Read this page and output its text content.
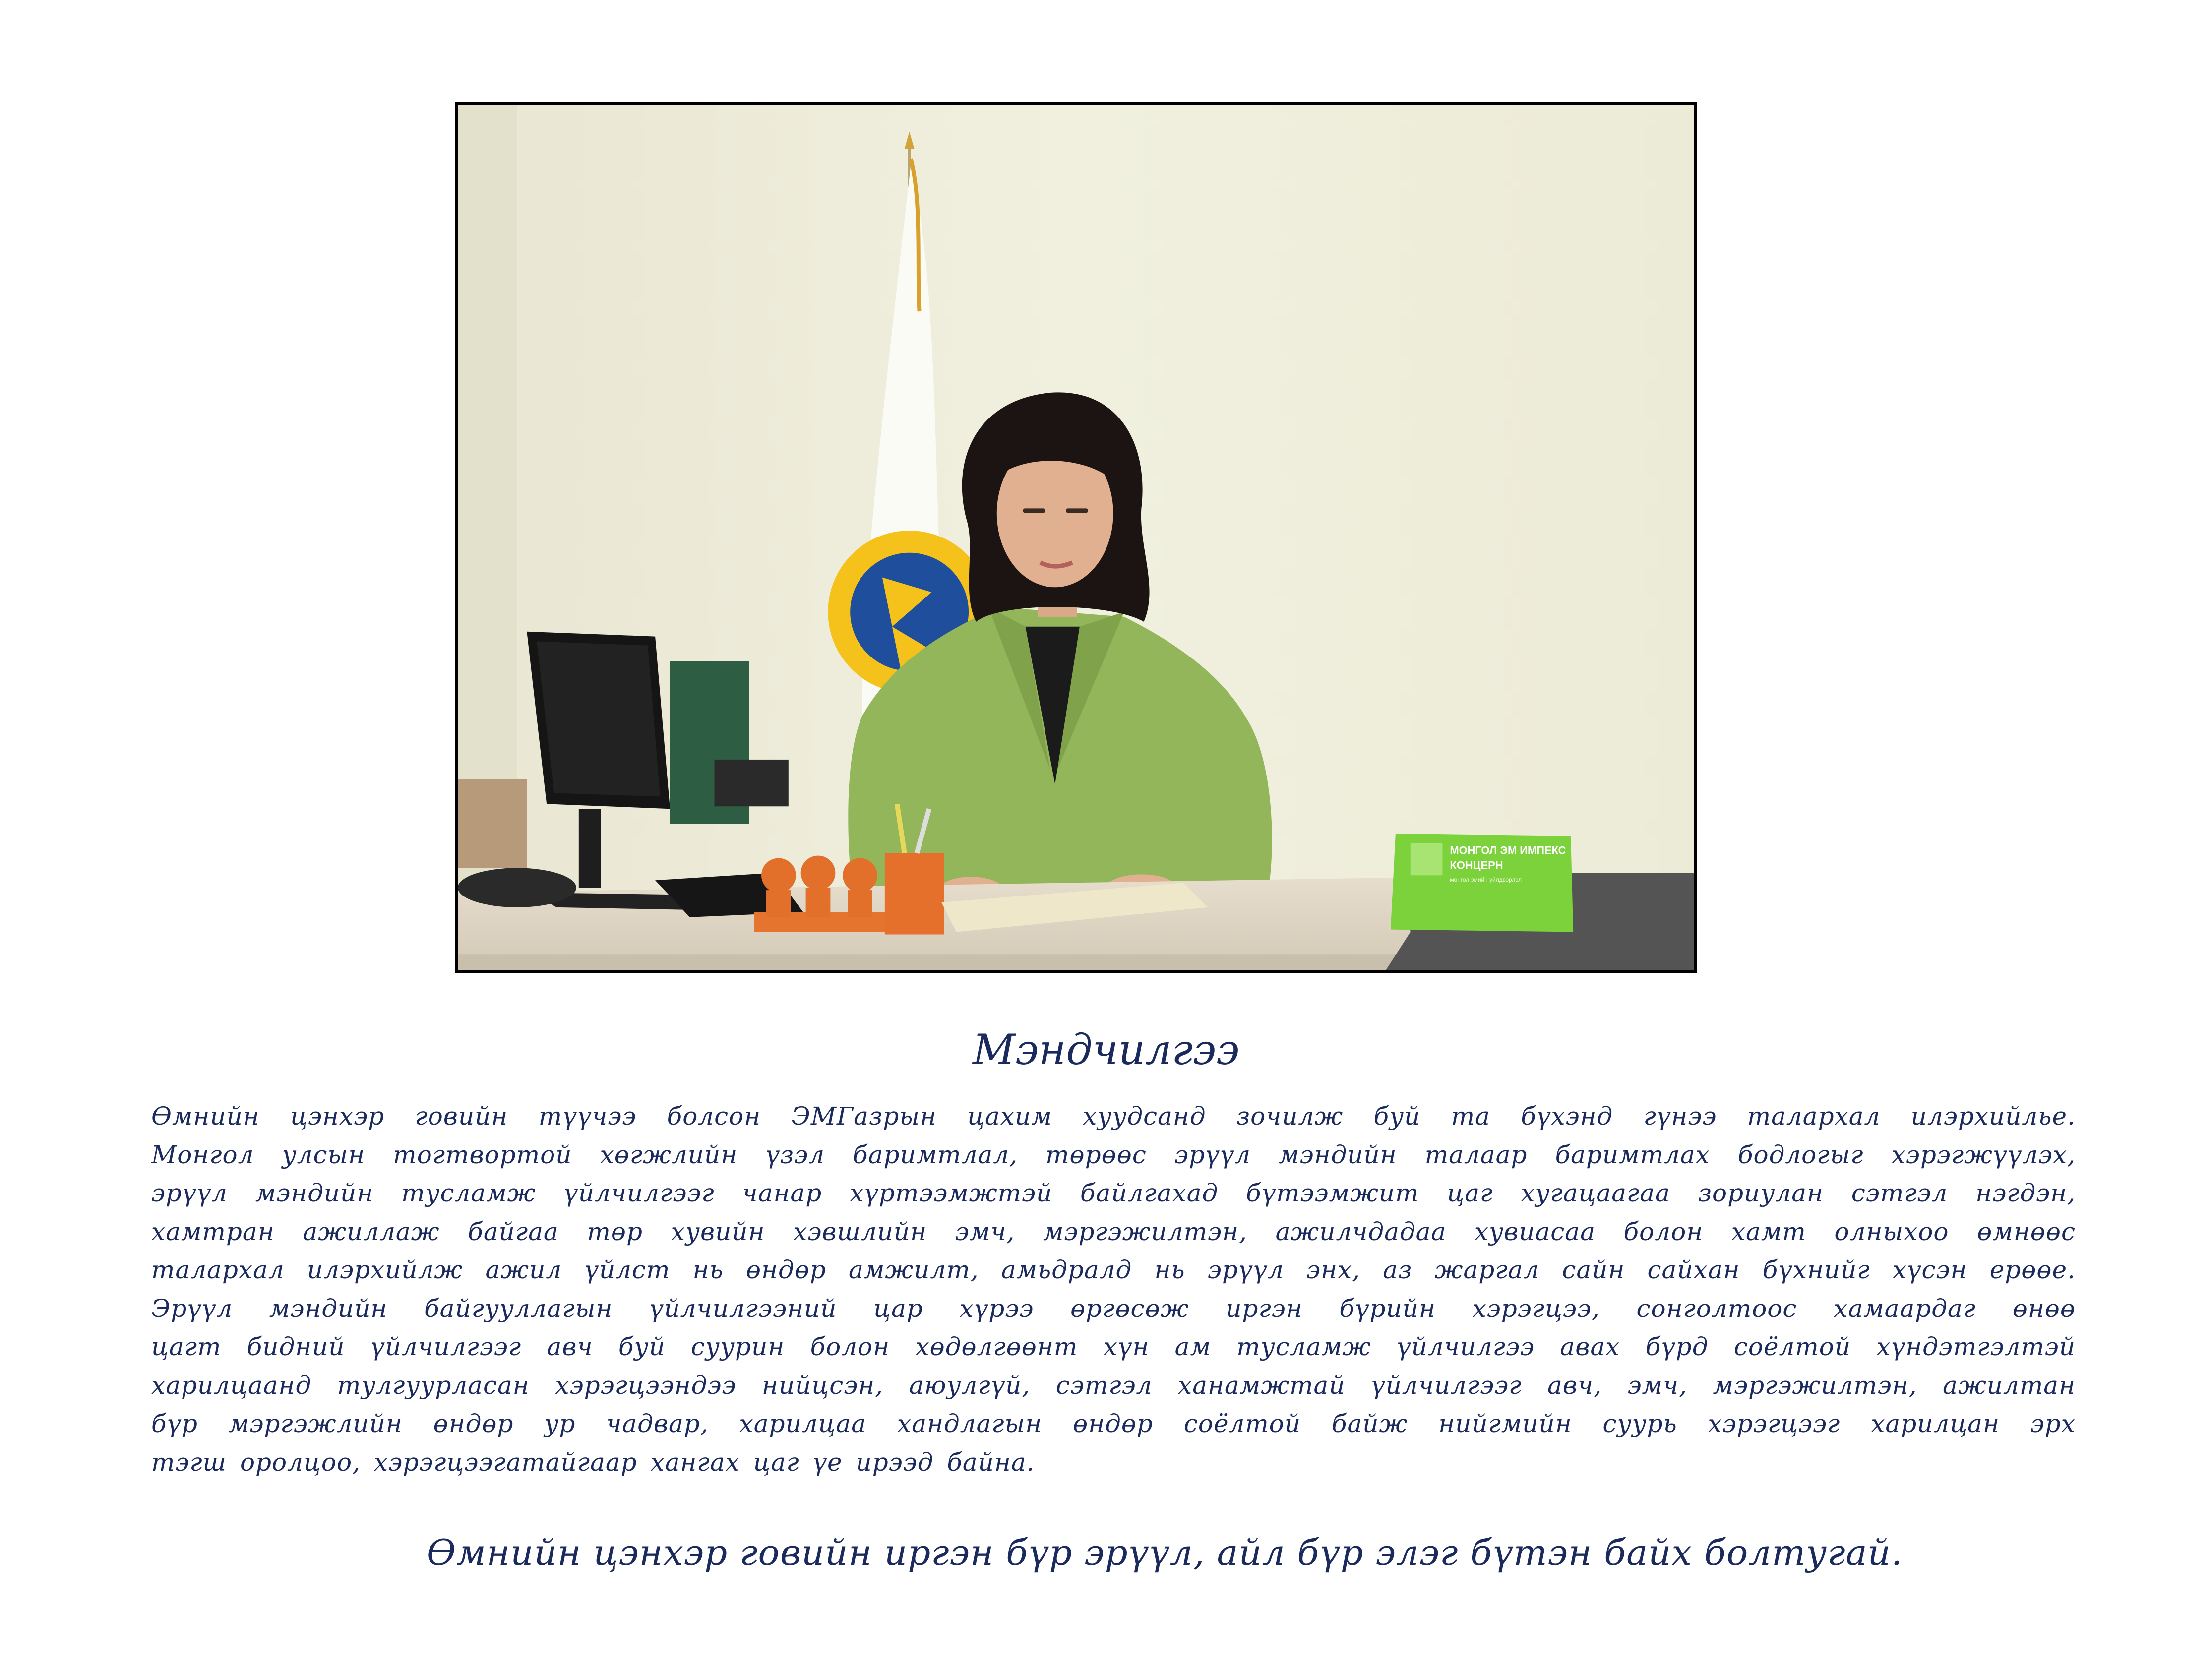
МОНГОЛ ЭМ ИМПЕКС
КОНЦЕРН
монгол эмийн үйлдвэрлэл
Мэндчилгээ
Өмнийн цэнхэр говийн түүчээ болсон ЭМГазрын цахим хуудсанд зочилж буй та бүхэнд гүнээ талархал илэрхийлье.
Монгол улсын тогтвортой хөгжлийн үзэл баримтлал, төрөөс эрүүл мэндийн талаар баримтлах бодлогыг хэрэгжүүлэх,
эрүүл мэндийн тусламж үйлчилгээг чанар хүртээмжтэй байлгахад бүтээмжит цаг хугацаагаа зориулан сэтгэл нэгдэн,
хамтран ажиллаж байгаа төр хувийн хэвшлийн эмч, мэргэжилтэн, ажилчдадаа хувиасаа болон хамт олныхоо өмнөөс
талархал илэрхийлж ажил үйлст нь өндөр амжилт, амьдралд нь эрүүл энх, аз жаргал сайн сайхан бүхнийг хүсэн ерөөе.
Эрүүл мэндийн байгууллагын үйлчилгээний цар хүрээ өргөсөж иргэн бүрийн хэрэгцээ, сонголтоос хамаардаг өнөө
цагт бидний үйлчилгээг авч буй суурин болон хөдөлгөөнт хүн ам тусламж үйлчилгээ авах бүрд соёлтой хүндэтгэлтэй
харилцаанд тулгуурласан хэрэгцээндээ нийцсэн, аюулгүй, сэтгэл ханамжтай үйлчилгээг авч, эмч, мэргэжилтэн, ажилтан
бүр мэргэжлийн өндөр ур чадвар, харилцаа хандлагын өндөр соёлтой байж нийгмийн суурь хэрэгцээг харилцан эрх
тэгш оролцоо, хэрэгцээгатайгаар хангах цаг үе ирээд байна.
Өмнийн цэнхэр говийн иргэн бүр эрүүл, айл бүр элэг бүтэн байх болтугай.
